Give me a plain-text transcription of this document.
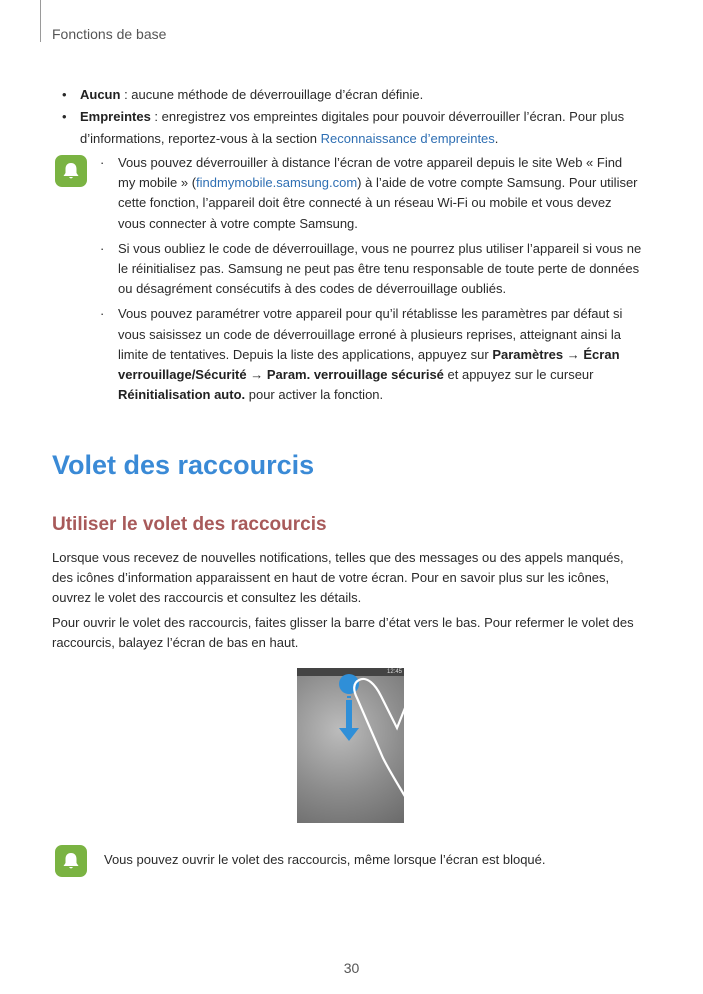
Fonctions de base
• Aucun : aucune méthode de déverrouillage d’écran définie.
• Empreintes : enregistrez vos empreintes digitales pour pouvoir déverrouiller l’écran. Pour plus d’informations, reportez-vous à la section Reconnaissance d’empreintes.
· Vous pouvez déverrouiller à distance l’écran de votre appareil depuis le site Web « Find my mobile » (findmymobile.samsung.com) à l’aide de votre compte Samsung. Pour utiliser cette fonction, l’appareil doit être connecté à un réseau Wi-Fi ou mobile et vous devez vous connecter à votre compte Samsung.
· Si vous oubliez le code de déverrouillage, vous ne pourrez plus utiliser l’appareil si vous ne le réinitialisez pas. Samsung ne peut pas être tenu responsable de toute perte de données ou désagrément consécutifs à des codes de déverrouillage oubliés.
· Vous pouvez paramétrer votre appareil pour qu’il rétablisse les paramètres par défaut si vous saisissez un code de déverrouillage erroné à plusieurs reprises, atteignant ainsi la limite de tentatives. Depuis la liste des applications, appuyez sur Paramètres → Écran verrouillage/Sécurité → Param. verrouillage sécurisé et appuyez sur le curseur Réinitialisation auto. pour activer la fonction.
Volet des raccourcis
Utiliser le volet des raccourcis

Lorsque vous recevez de nouvelles notifications, telles que des messages ou des appels manqués, des icônes d’information apparaissent en haut de votre écran. Pour en savoir plus sur les icônes, ouvrez le volet des raccourcis et consultez les détails.

Pour ouvrir le volet des raccourcis, faites glisser la barre d’état vers le bas. Pour refermer le volet des raccourcis, balayez l’écran de bas en haut.

12:45
Vous pouvez ouvrir le volet des raccourcis, même lorsque l’écran est bloqué.
30
